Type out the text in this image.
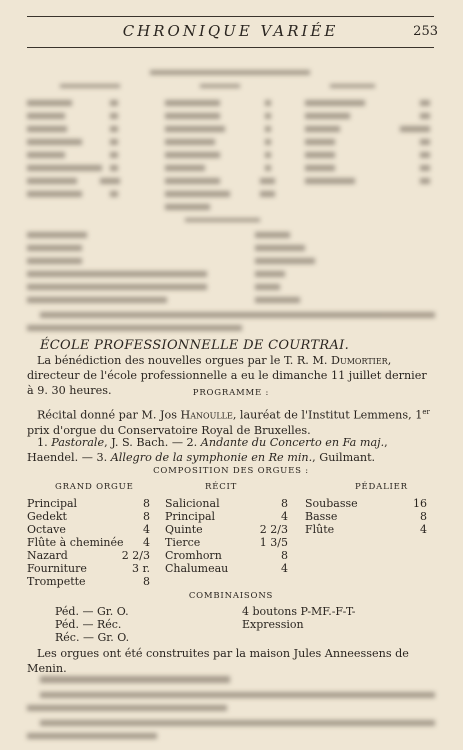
CHRONIQUE VARIÉE	253
ÉCOLE PROFESSIONNELLE DE COURTRAI.
La bénédiction des nouvelles orgues par le T. R. M. Dumortier, directeur de l'école professionnelle a eu le dimanche 11 juillet dernier à 9. 30 heures.	PROGRAMME :
Récital donné par M. Jos Hanoulle, lauréat de l'Institut Lemmens, 1er prix d'orgue du Conservatoire Royal de Bruxelles.
1. Pastorale, J. S. Bach. — 2. Andante du Concerto en Fa maj., Haendel. — 3. Allegro de la symphonie en Re min., Guilmant.
COMPOSITION DES ORGUES :
GRAND ORGUE	RÉCIT	PÉDALIER
Principal	8
Gedekt	8
Octave	4
Flûte à cheminée 4
Nazard	2 2/3
Fourniture	3 r.
Trompette	8
Salicional	8
Principal	4
Quinte	2 2/3
Tierce	1 3/5
Cromhorn	8
Chalumeau	4
Soubasse	16
Basse	8
Flûte	4
COMBINAISONS
Péd. — Gr. O.
Péd. — Réc.
Réc. — Gr. O.
4 boutons P-MF.-F-T-
Expression
Les orgues ont été construites par la maison Jules Anneessens de Menin.
